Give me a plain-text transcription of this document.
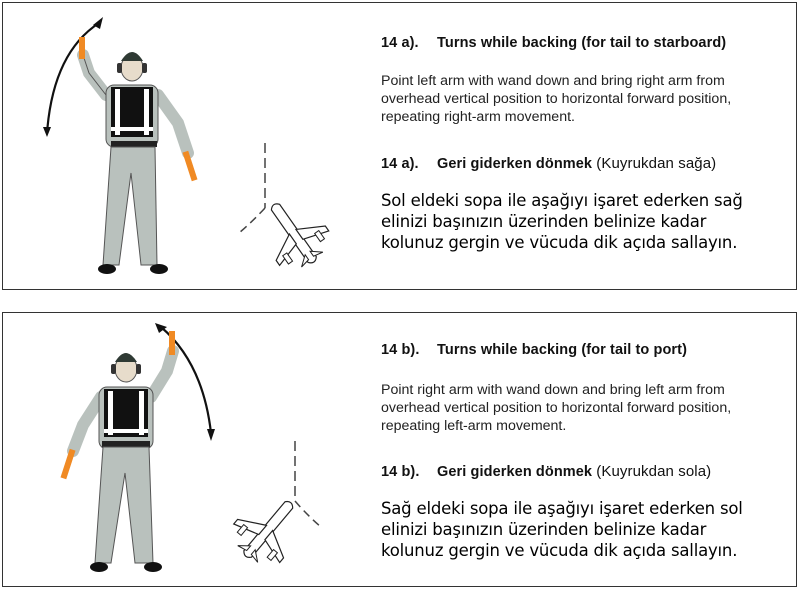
14 a). Turns while backing (for tail to starboard)
Point left arm with wand down and bring right arm from overhead vertical position to horizontal forward position, repeating right-arm movement.
14 a). Geri giderken dönmek (Kuyrukdan sağa)
Sol eldeki sopa ile aşağıyı işaret ederken sağ elinizi başınızın üzerinden belinize kadar kolunuz gergin ve vücuda dik açıda sallayın.
14 b). Turns while backing (for tail to port)
Point right arm with wand down and bring left arm from overhead vertical position to horizontal forward position, repeating left-arm movement.
14 b). Geri giderken dönmek (Kuyrukdan sola)
Sağ eldeki sopa ile aşağıyı işaret ederken sol elinizi başınızın üzerinden belinize kadar kolunuz gergin ve vücuda dik açıda sallayın.
